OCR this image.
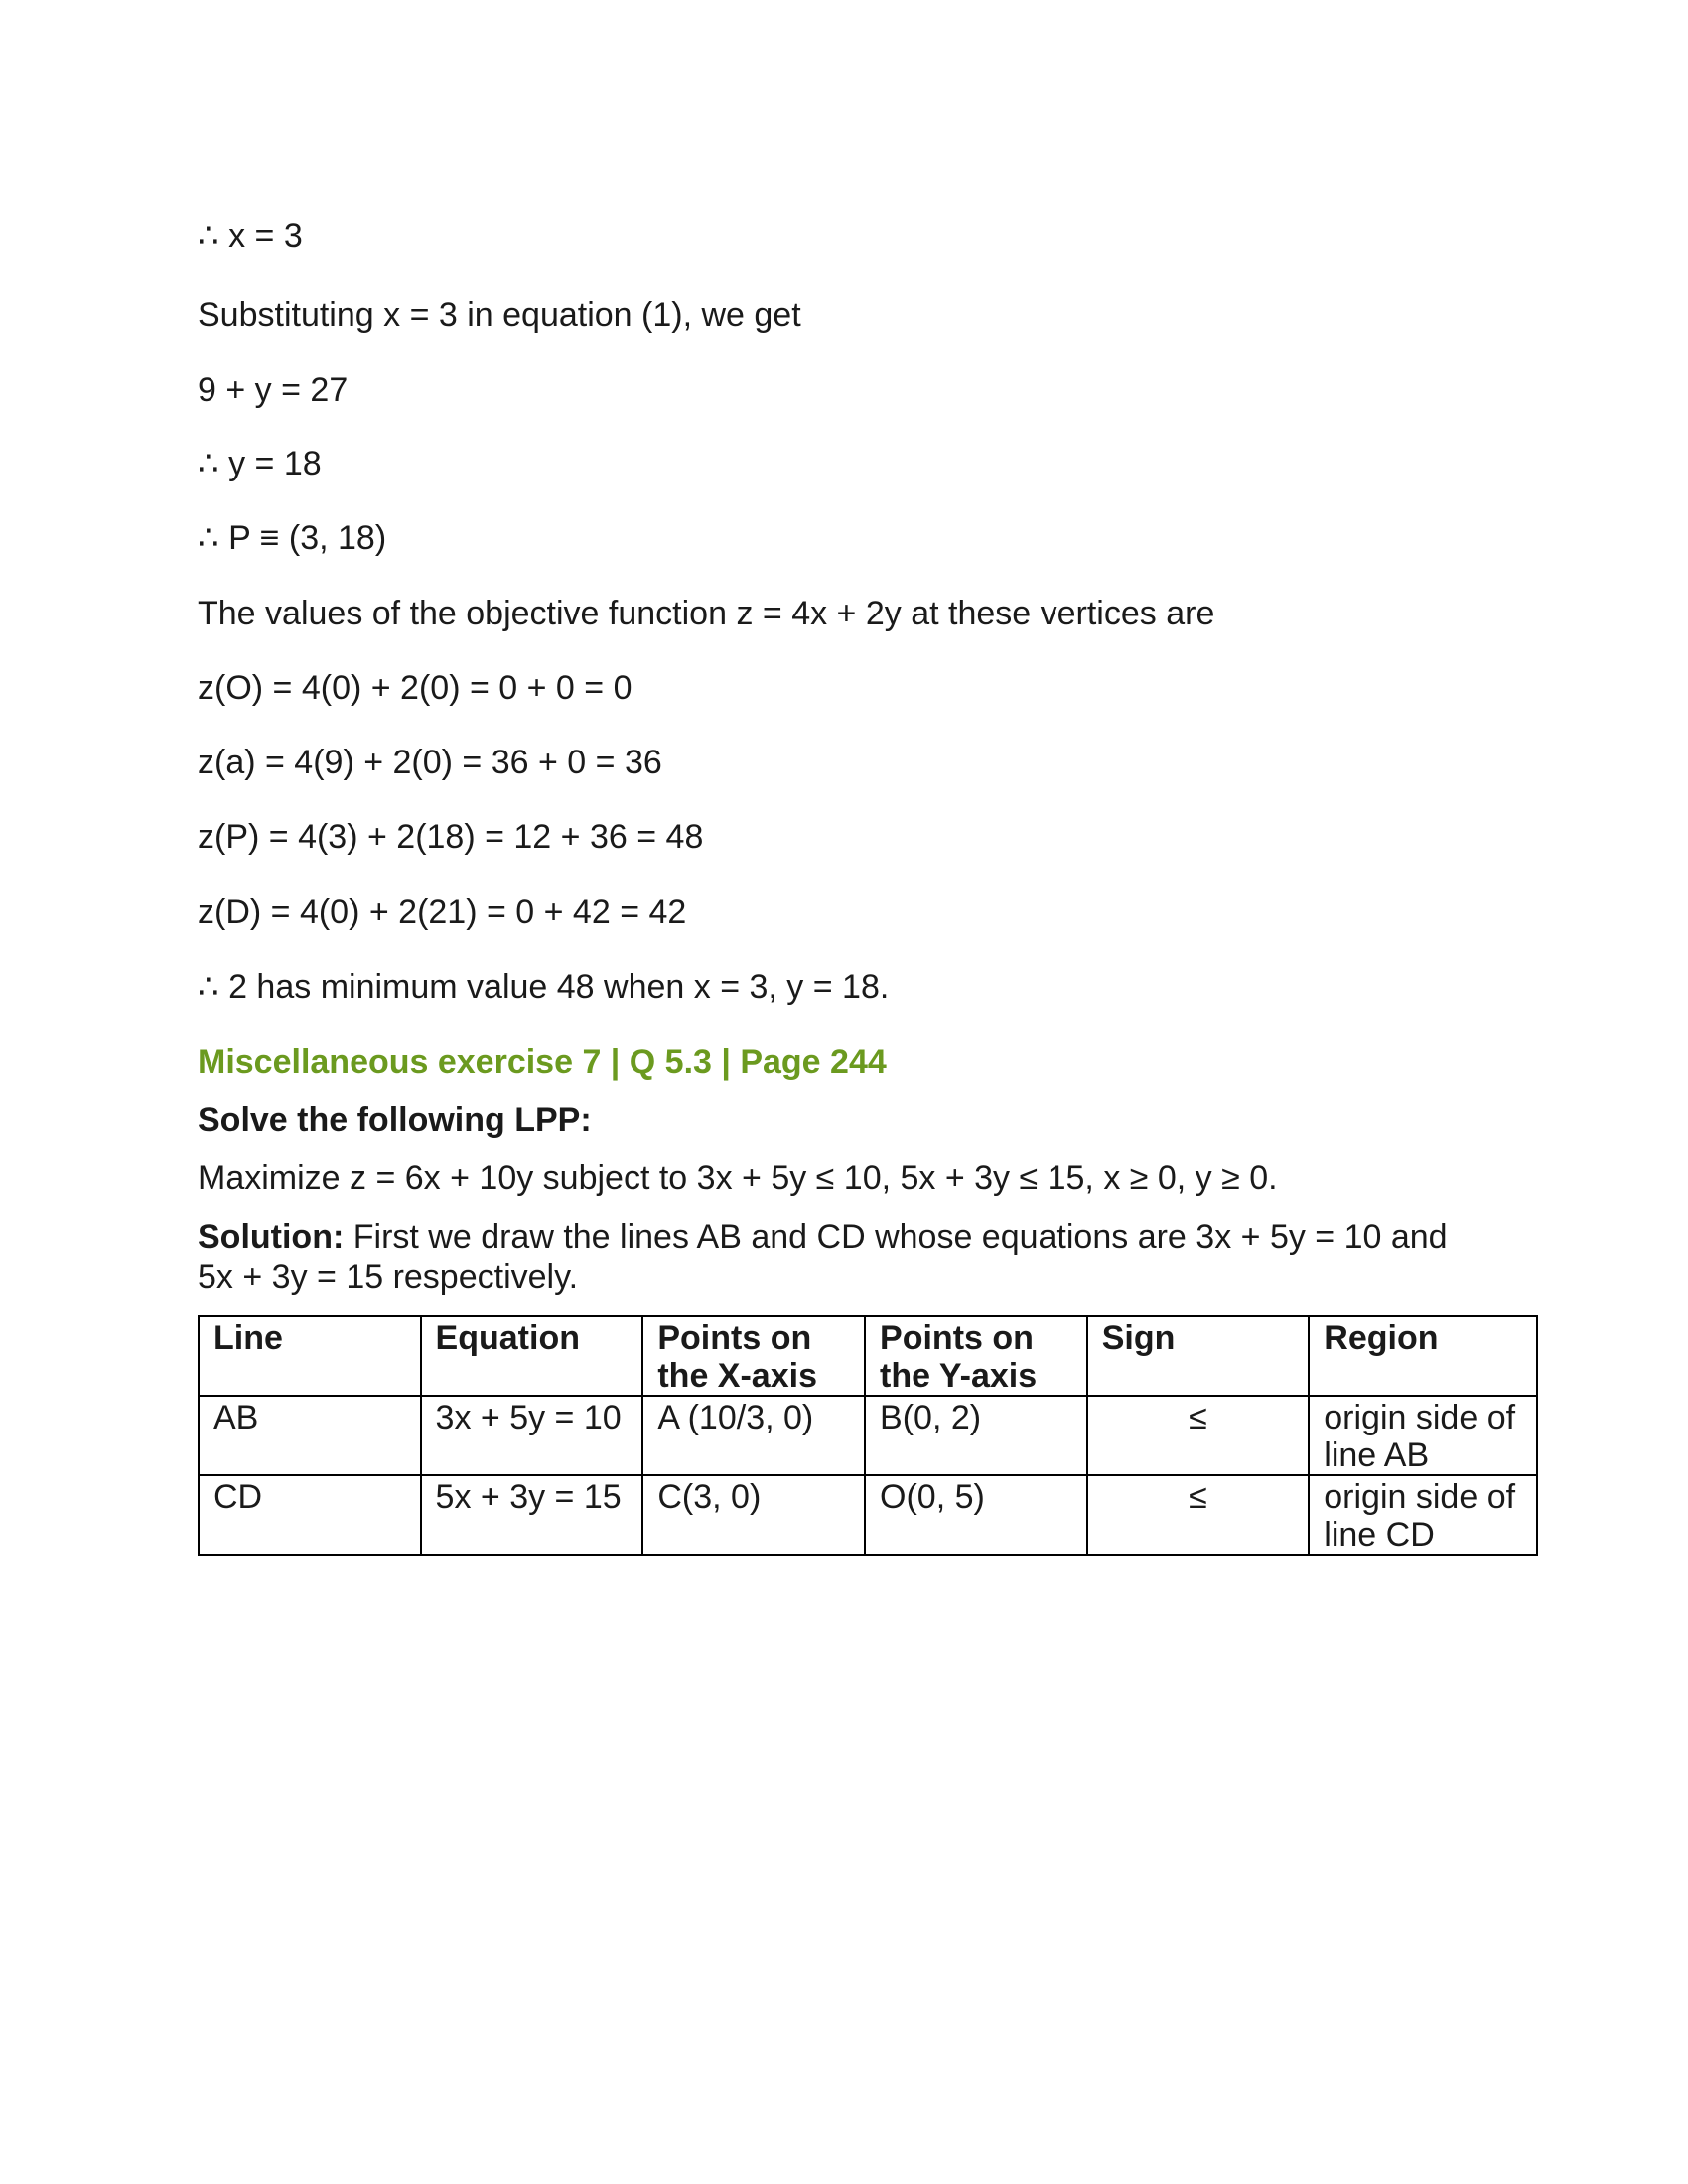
∴ x = 3
Substituting x = 3 in equation (1), we get
9 + y = 27
∴ y = 18
∴ P ≡ (3, 18)
The values of the objective function z = 4x + 2y at these vertices are
z(O) = 4(0) + 2(0) = 0 + 0 = 0
z(a) = 4(9) + 2(0) = 36 + 0 = 36
z(P) = 4(3) + 2(18) = 12 + 36 = 48
z(D) = 4(0) + 2(21) = 0 + 42 = 42
∴ 2 has minimum value 48 when x = 3, y = 18.
Miscellaneous exercise 7 | Q 5.3 | Page 244
Solve the following LPP:
Maximize z = 6x + 10y subject to 3x + 5y ≤ 10, 5x + 3y ≤ 15, x ≥ 0, y ≥ 0.
Solution: First we draw the lines AB and CD whose equations are 3x + 5y = 10 and 5x + 3y = 15 respectively.
Line	Equation	Points on the X-axis	Points on the Y-axis	Sign	Region
AB	3x + 5y = 10	A (10/3, 0)	B(0, 2)	≤	origin side of line AB
CD	5x + 3y = 15	C(3, 0)	O(0, 5)	≤	origin side of line CD
